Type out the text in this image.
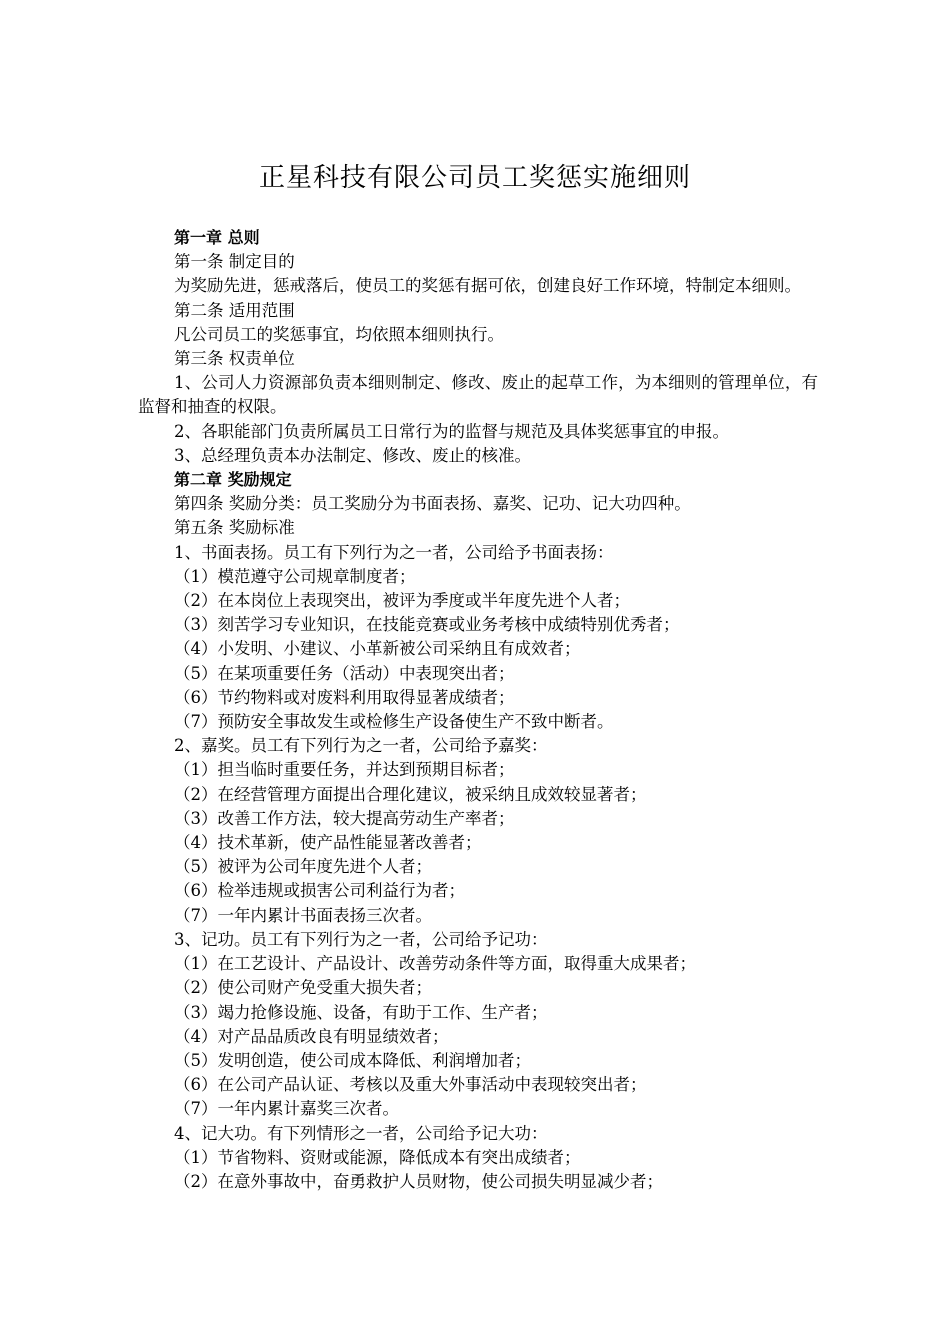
正星科技有限公司员工奖惩实施细则

第一章 总则

第一条 制定目的

为奖励先进，惩戒落后，使员工的奖惩有据可依，创建良好工作环境，特制定本细则。

第二条 适用范围

凡公司员工的奖惩事宜，均依照本细则执行。

第三条 权责单位

1、公司人力资源部负责本细则制定、修改、废止的起草工作，为本细则的管理单位，有监督和抽查的权限。

2、各职能部门负责所属员工日常行为的监督与规范及具体奖惩事宜的申报。

3、总经理负责本办法制定、修改、废止的核准。

第二章 奖励规定

第四条 奖励分类：员工奖励分为书面表扬、嘉奖、记功、记大功四种。

第五条 奖励标准

1、书面表扬。员工有下列行为之一者，公司给予书面表扬：

（1）模范遵守公司规章制度者；

（2）在本岗位上表现突出，被评为季度或半年度先进个人者；

（3）刻苦学习专业知识，在技能竞赛或业务考核中成绩特别优秀者；

（4）小发明、小建议、小革新被公司采纳且有成效者；

（5）在某项重要任务（活动）中表现突出者；

（6）节约物料或对废料利用取得显著成绩者；

（7）预防安全事故发生或检修生产设备使生产不致中断者。

2、嘉奖。员工有下列行为之一者，公司给予嘉奖：

（1）担当临时重要任务，并达到预期目标者；

（2）在经营管理方面提出合理化建议，被采纳且成效较显著者；

（3）改善工作方法，较大提高劳动生产率者；

（4）技术革新，使产品性能显著改善者；

（5）被评为公司年度先进个人者；

（6）检举违规或损害公司利益行为者；

（7）一年内累计书面表扬三次者。

3、记功。员工有下列行为之一者，公司给予记功：

（1）在工艺设计、产品设计、改善劳动条件等方面，取得重大成果者；

（2）使公司财产免受重大损失者；

（3）竭力抢修设施、设备，有助于工作、生产者；

（4）对产品品质改良有明显绩效者；

（5）发明创造，使公司成本降低、利润增加者；

（6）在公司产品认证、考核以及重大外事活动中表现较突出者；

（7）一年内累计嘉奖三次者。

4、记大功。有下列情形之一者，公司给予记大功：

（1）节省物料、资财或能源，降低成本有突出成绩者；

（2）在意外事故中，奋勇救护人员财物，使公司损失明显减少者；
